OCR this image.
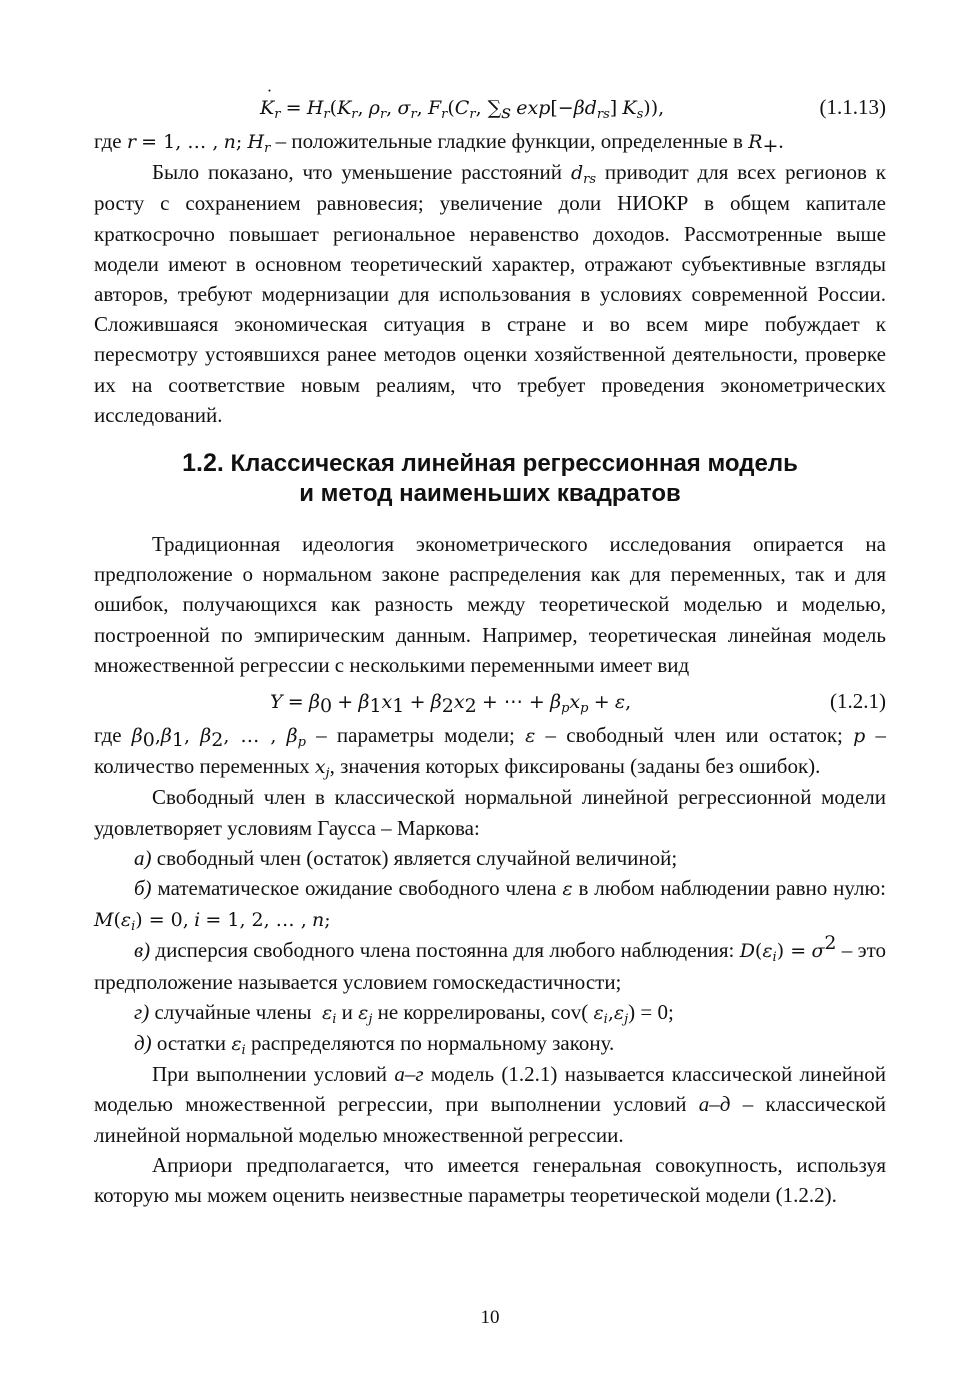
K $˙_r = H_r(K_r$, $\rho_r$, $\sigma_r$, $F_r(C_r$, $\sum_s$ $\exp[-\beta d_{rs}]$ $K_s$)),	(1.1.13)

где r = 1, … , n; $H_r$ – положительные гладкие функции, определенные в $R_+$.

Было показано, что уменьшение расстояний $d_{rs}$ приводит для всех регионов к росту с сохранением равновесия; увеличение доли НИОКР в общем капитале краткосрочно повышает региональное неравенство доходов. Рассмотренные выше модели имеют в основном теоретический характер, отражают субъективные взгляды авторов, требуют модернизации для использования в условиях современной России. Сложившаяся экономическая ситуация в стране и во всем мире побуждает к пересмотру устоявшихся ранее методов оценки хозяйственной деятельности, проверке их на соответствие новым реалиям, что требует проведения эконометрических исследований.

1.2. Классическая линейная регрессионная модель
и метод наименьших квадратов

Традиционная идеология эконометрического исследования опирается на предположение о нормальном законе распределения как для переменных, так и для ошибок, получающихся как разность между теоретической моделью и моделью, построенной по эмпирическим данным. Например, теоретическая линейная модель множественной регрессии с несколькими переменными имеет вид

$Y = \beta_0 + \beta_1x_1 + \beta_2x_2$ + ⋯ + $\beta_px_p + \varepsilon$,	(1.2.1)

где $\beta_0,\beta_1$, $\beta_2$, … , $\beta_p$ – параметры модели; ε – свободный член или остаток; p – количество переменных $x_j$, значения которых фиксированы (заданы без ошибок).

Свободный член в классической нормальной линейной регрессионной модели удовлетворяет условиям Гаусса – Маркова:

а) свободный член (остаток) является случайной величиной;

б) математическое ожидание свободного члена ε в любом наблюдении равно нулю: $M(\varepsilon_i) = 0$, i = 1, 2, … , n;

в) дисперсия свободного члена постоянна для любого наблюдения: $D(\varepsilon_i) = \sigma^2$ – это предположение называется условием гомоскедастичности;

г) случайные члены $\varepsilon_i$ и $\varepsilon_j$ не коррелированы, cov( $\varepsilon_i,\varepsilon_j) = 0$;

д) остатки $\varepsilon_i$ распределяются по нормальному закону.

При выполнении условий а–г модель (1.2.1) называется классической линейной моделью множественной регрессии, при выполнении условий а–д – классической линейной нормальной моделью множественной регрессии.

Априори предполагается, что имеется генеральная совокупность, используя которую мы можем оценить неизвестные параметры теоретической модели (1.2.2).

10
